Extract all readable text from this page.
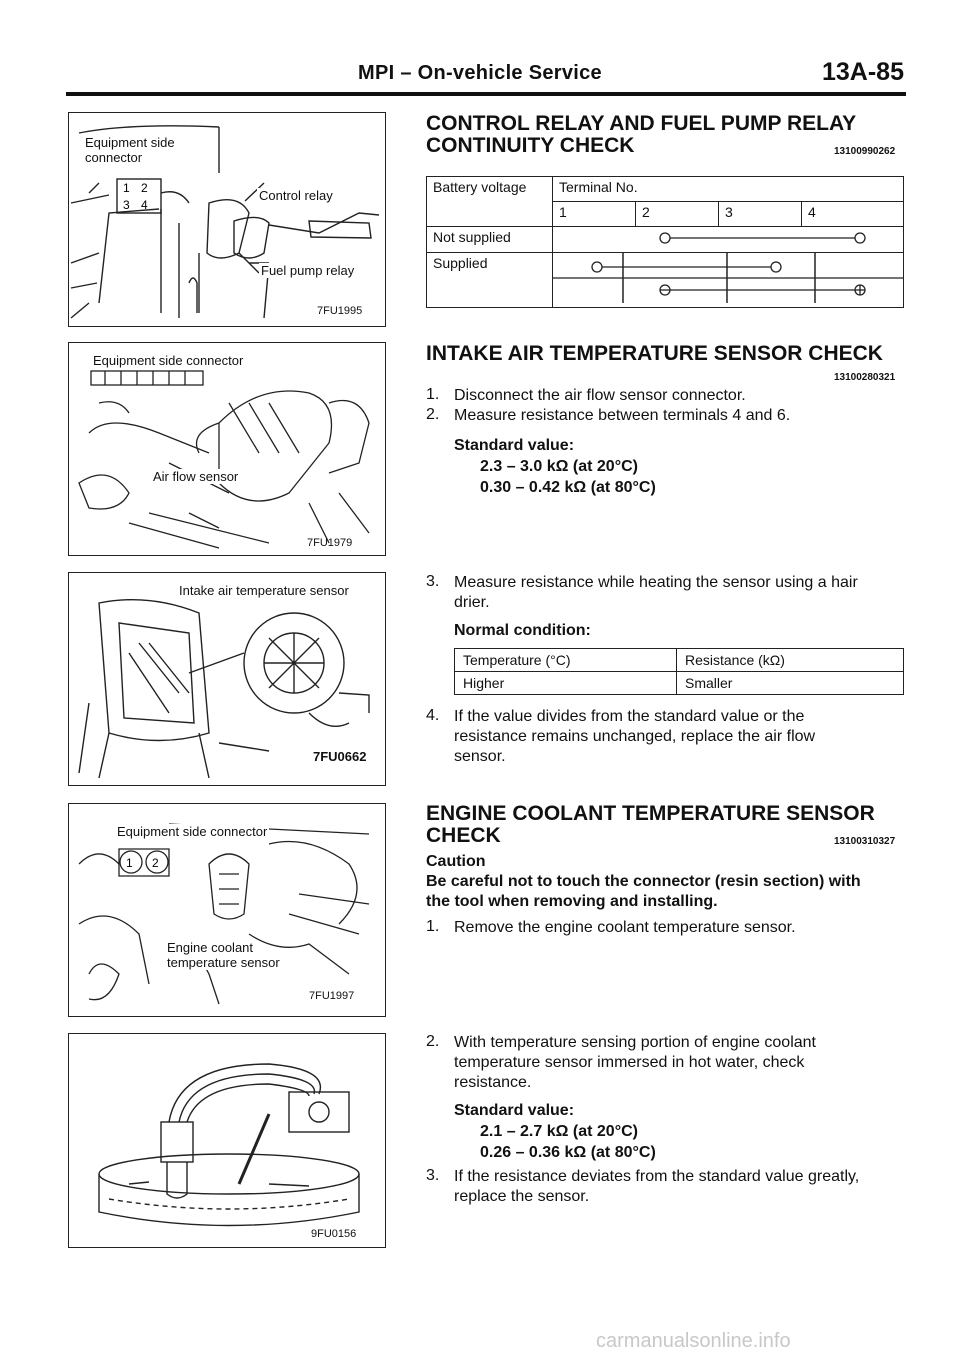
MPI – On-vehicle Service	13A-85
1 2
3 4
Equipment side
connector
Control relay
Fuel pump relay
7FU1995
Equipment side connector
Air flow sensor
7FU1979
Intake air temperature sensor
7FU0662
1 2
Equipment side connector
Engine coolant
temperature sensor
7FU1997
9FU0156
CONTROL RELAY AND FUEL PUMP RELAY
CONTINUITY CHECK	13100990262
Battery voltage	Terminal No.			
	1	2	3	4
Not supplied	
Supplied	
INTAKE AIR TEMPERATURE SENSOR CHECK
13100280321
1. Disconnect the air flow sensor connector.
2. Measure resistance between terminals 4 and 6.
Standard value:
2.3 – 3.0 kΩ (at 20°C)
0.30 – 0.42 kΩ (at 80°C)
3. Measure resistance while heating the sensor using a hair
drier.
Normal condition:
Temperature (°C)	Resistance (kΩ)
Higher	Smaller
4. If the value divides from the standard value or the
resistance remains unchanged, replace the air flow
sensor.
ENGINE COOLANT TEMPERATURE SENSOR
CHECK	13100310327
Caution
Be careful not to touch the connector (resin section) with
the tool when removing and installing.
1. Remove the engine coolant temperature sensor.
2. With temperature sensing portion of engine coolant
temperature sensor immersed in hot water, check
resistance.
Standard value:
2.1 – 2.7 kΩ (at 20°C)
0.26 – 0.36 kΩ (at 80°C)
3. If the resistance deviates from the standard value greatly,
replace the sensor.
carmanualsonline.info
